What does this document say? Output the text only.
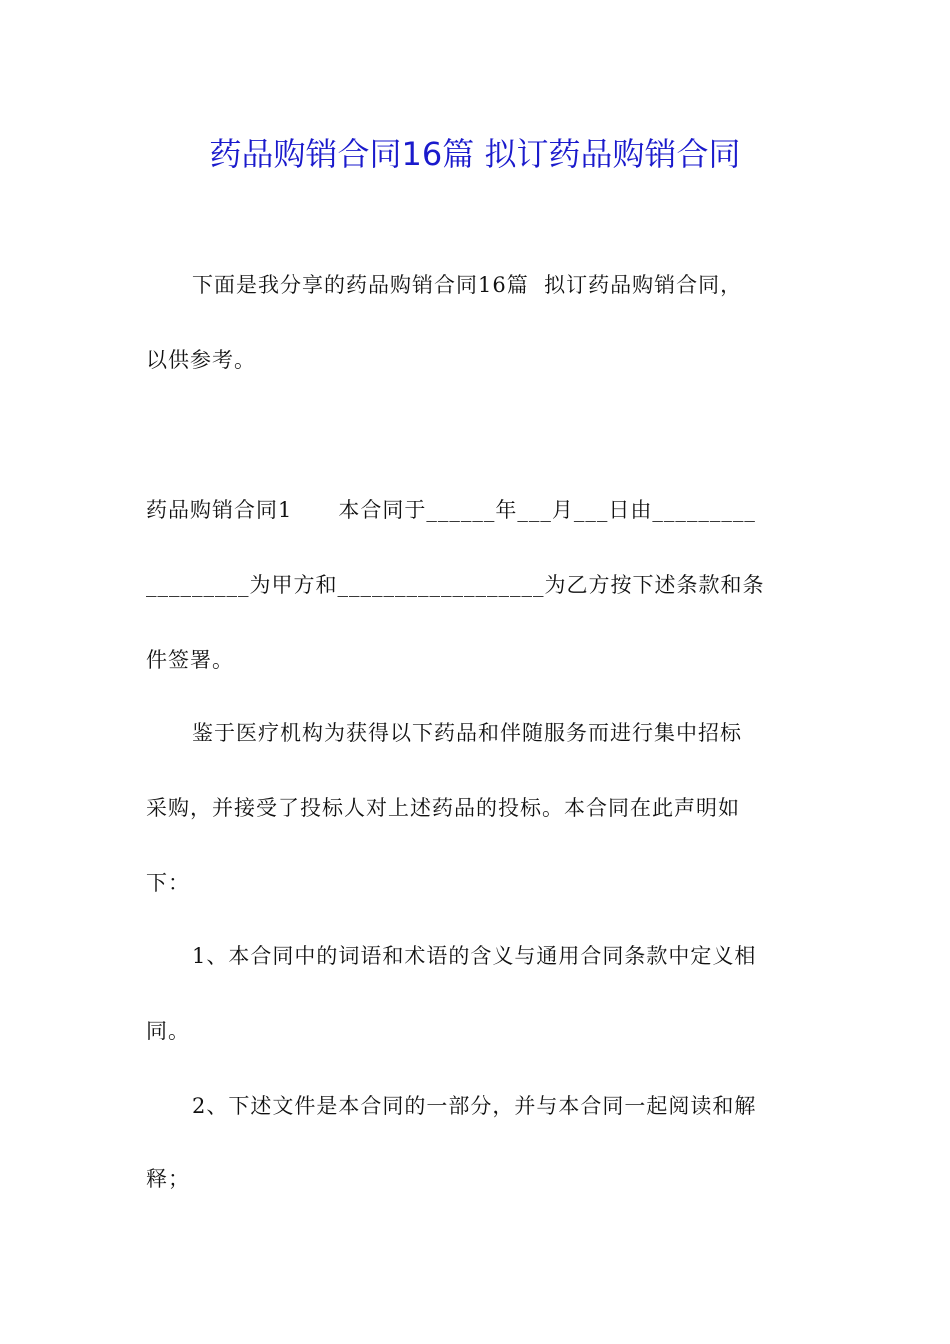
药品购销合同16篇 拟订药品购销合同

下面是我分享的药品购销合同16篇  拟订药品购销合同，

以供参考。

药品购销合同1      本合同于______年___月___日由_________

_________为甲方和__________________为乙方按下述条款和条

件签署。

鉴于医疗机构为获得以下药品和伴随服务而进行集中招标

采购，并接受了投标人对上述药品的投标。本合同在此声明如

下：

1、本合同中的词语和术语的含义与通用合同条款中定义相

同。

2、下述文件是本合同的一部分，并与本合同一起阅读和解

释；
